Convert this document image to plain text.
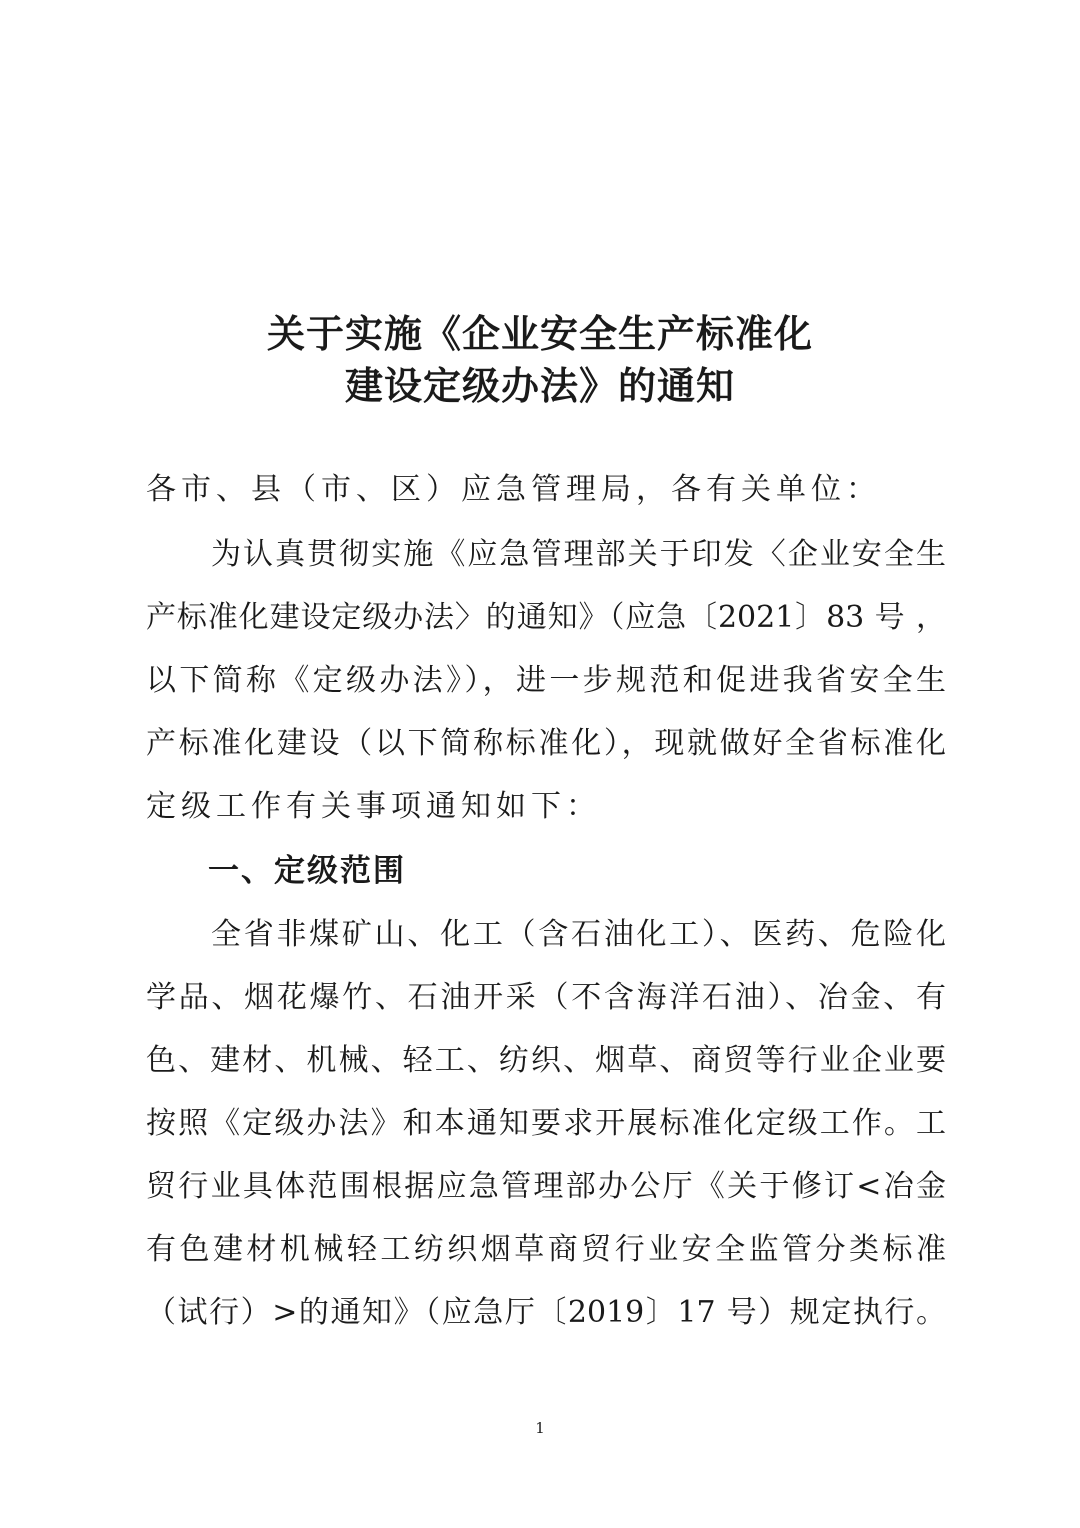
关于实施《企业安全生产标准化
建设定级办法》的通知
各市、县（市、区）应急管理局，各有关单位：
为认真贯彻实施《应急管理部关于印发〈企业安全生
产标准化建设定级办法〉的通知》（应急〔2021〕83 号 ，
以下简称《定级办法》），进一步规范和促进我省安全生
产标准化建设（以下简称标准化），现就做好全省标准化
定级工作有关事项通知如下：
一、定级范围
全省非煤矿山、化工（含石油化工）、医药、危险化
学品、烟花爆竹、石油开采（不含海洋石油）、冶金、有
色、建材、机械、轻工、纺织、烟草、商贸等行业企业要
按照《定级办法》和本通知要求开展标准化定级工作。工
贸行业具体范围根据应急管理部办公厅《关于修订<冶金
有色建材机械轻工纺织烟草商贸行业安全监管分类标准
（试行）>的通知》（应急厅〔2019〕17 号）规定执行。
1
